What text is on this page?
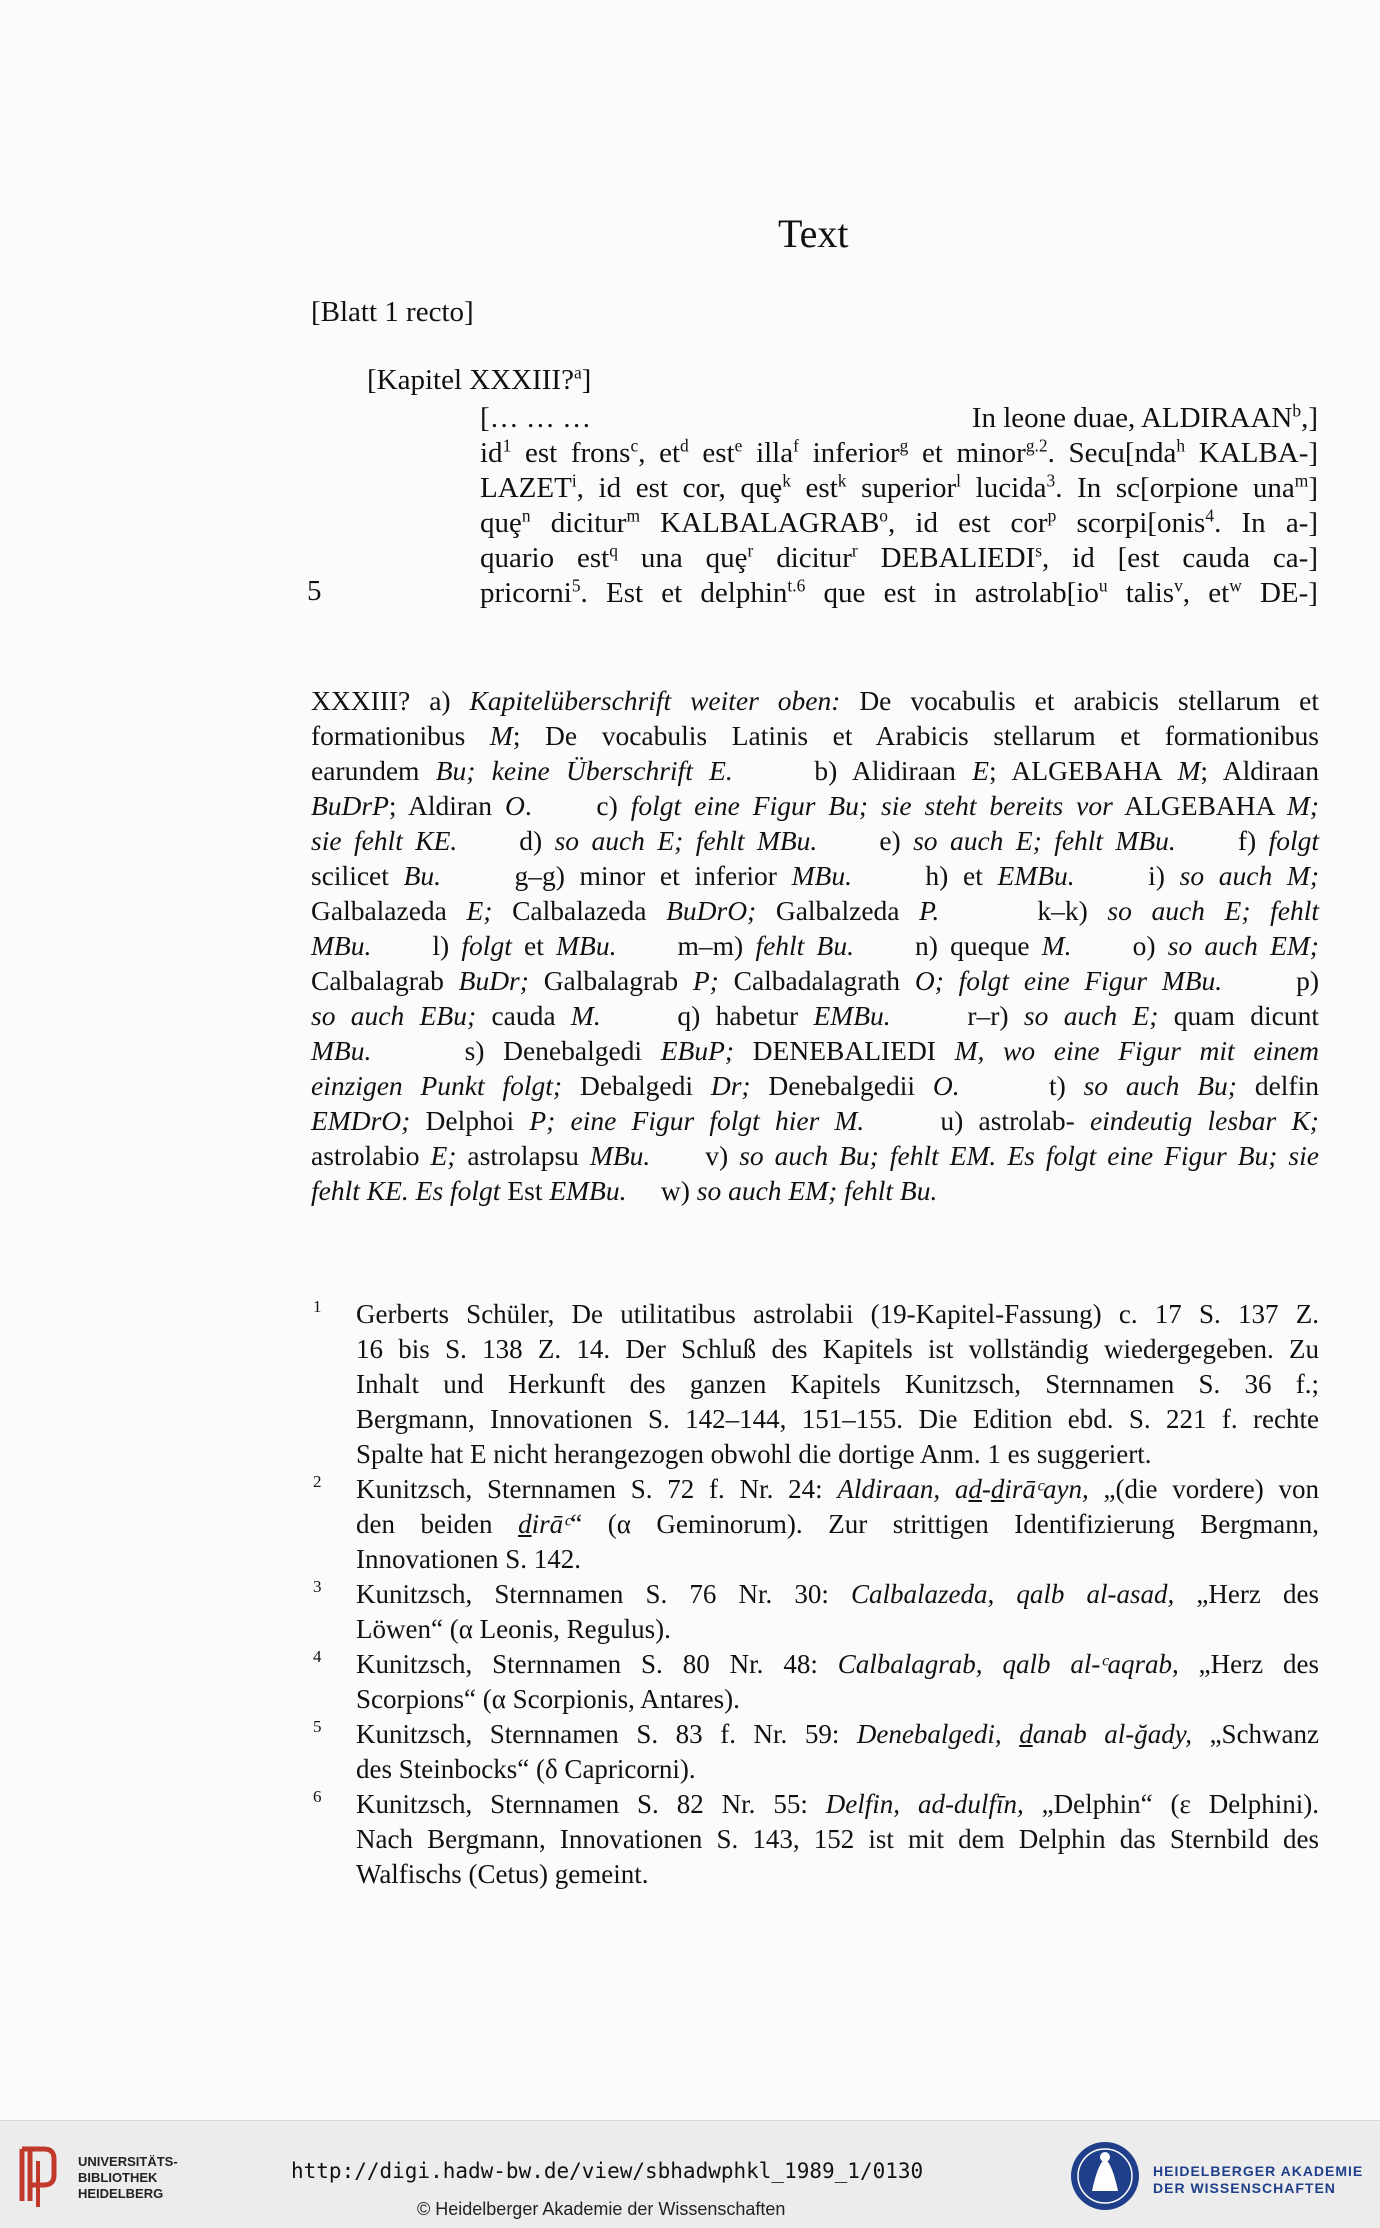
Text
[Blatt 1 recto]
[Kapitel XXXIII?$^a$]
[… … …	In leone duae, ALDIRAAN$^b$,]
$id^1$ est frons$^c$, $et^d$ est$^e$ illa$^f$ inferior$^g$ et minor$^{g.2}$. Secu[nda$^h$ KALBA-]
LAZET$^i$, id est cor, quȩ$^k$ est$^k$ superior$^l$ lucida$^3$. In sc[orpione una$^m$]
quȩ$^n$ dicitur$^m$ KALBALAGRAB$^o$, id est cor$^p$ scorpi[onis$^4$. In a-]
quario est$^q$ una quȩ$^r$ dicitur$^r$ DEBALIEDI$^s$, id [est cauda ca-]
pricorni$^5$. Est et delphin$^{t.6}$ que est in $astrolab[io^u$ talis$^v$, $et^w$ DE-]
5
XXXIII? a) Kapitelüberschrift weiter oben: De vocabulis et arabicis stellarum et
formationibus M; De vocabulis Latinis et Arabicis stellarum et formationibus
earundem Bu; keine Überschrift E.     b) Alidiraan E; ALGEBAHA M; Aldiraan
BuDrP; Aldiran O.     c) folgt eine Figur Bu; sie steht bereits vor ALGEBAHA M;
sie fehlt KE.     d) so auch E; fehlt MBu.     e) so auch E; fehlt MBu.     f) folgt
scilicet Bu.     g–g) minor et inferior MBu.     h) et EMBu.     i) so auch M;
Galbalazeda E; Calbalazeda BuDrO; Galbalzeda P.     k–k) so auch E; fehlt
MBu.     l) folgt et MBu.     m–m) fehlt Bu.     n) queque M.     o) so auch EM;
Calbalagrab BuDr; Galbalagrab P; Calbadalagrath O; folgt eine Figur MBu.     p)
so auch EBu; cauda M.     q) habetur EMBu.     r–r) so auch E; quam dicunt
MBu.     s) Denebalgedi EBuP; DENEBALIEDI M, wo eine Figur mit einem
einzigen Punkt folgt; Debalgedi Dr; Denebalgedii O.     t) so auch Bu; delfin
EMDrO; Delphoi P; eine Figur folgt hier M.     u) astrolab- eindeutig lesbar K;
astrolabio E; astrolapsu MBu.     v) so auch Bu; fehlt EM. Es folgt eine Figur Bu; sie
fehlt KE. Es folgt Est EMBu.     w) so auch EM; fehlt Bu.
1 Gerberts Schüler, De utilitatibus astrolabii (19-Kapitel-Fassung) c. 17 S. 137 Z.
16 bis S. 138 Z. 14. Der Schluß des Kapitels ist vollständig wiedergegeben. Zu
Inhalt und Herkunft des ganzen Kapitels Kunitzsch, Sternnamen S. 36 f.;
Bergmann, Innovationen S. 142–144, 151–155. Die Edition ebd. S. 221 f. rechte
Spalte hat E nicht herangezogen obwohl die dortige Anm. 1 es suggeriert.
2 Kunitzsch, Sternnamen S. 72 f. Nr. 24: Aldiraan, ad-dirāᶜayn, „(die vordere) von
den beiden dirāᶜ“ (α Geminorum). Zur strittigen Identifizierung Bergmann,
Innovationen S. 142.
3 Kunitzsch, Sternnamen S. 76 Nr. 30: Calbalazeda, qalb al-asad, „Herz des
Löwen“ (α Leonis, Regulus).
4 Kunitzsch, Sternnamen S. 80 Nr. 48: Calbalagrab, qalb al-ᶜaqrab, „Herz des
Scorpions“ (α Scorpionis, Antares).
5 Kunitzsch, Sternnamen S. 83 f. Nr. 59: Denebalgedi, danab al-ğady, „Schwanz
des Steinbocks“ (δ Capricorni).
6 Kunitzsch, Sternnamen S. 82 Nr. 55: Delfin, ad-dulfīn, „Delphin“ (ε Delphini).
Nach Bergmann, Innovationen S. 143, 152 ist mit dem Delphin das Sternbild des
Walfischs (Cetus) gemeint.
UNIVERSITÄTS-
BIBLIOTHEK
HEIDELBERG
http://digi.hadw-bw.de/view/sbhadwphkl_1989_1/0130
© Heidelberger Akademie der Wissenschaften
HEIDELBERGER AKADEMIE
DER WISSENSCHAFTEN
